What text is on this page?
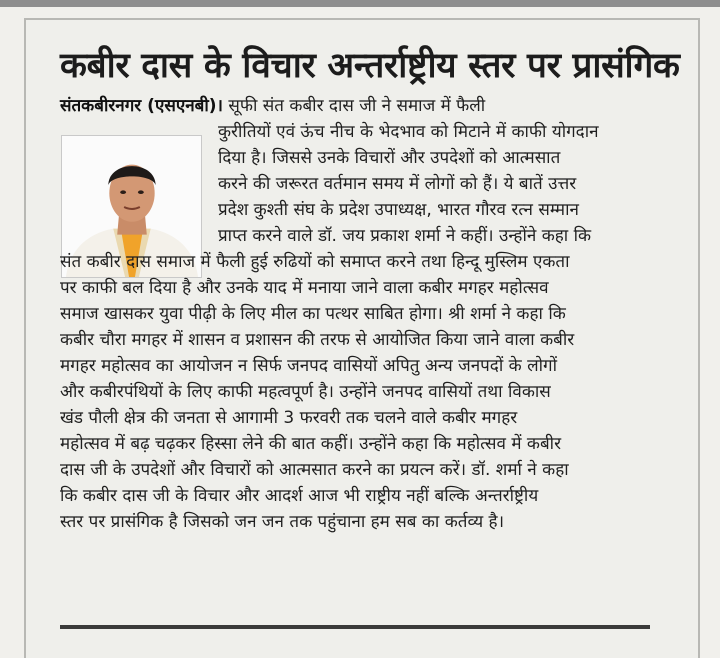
कबीर दास के विचार अन्तर्राष्ट्रीय स्तर पर प्रासंगिक
संतकबीरनगर (एसएनबी)। सूफी संत कबीर दास जी ने समाज में फैली
कुरीतियों एवं ऊंच नीच के भेदभाव को मिटाने में काफी योगदान
दिया है। जिससे उनके विचारों और उपदेशों को आत्मसात
करने की जरूरत वर्तमान समय में लोगों को हैं। ये बातें उत्तर
प्रदेश कुश्ती संघ के प्रदेश उपाध्यक्ष, भारत गौरव रत्न सम्मान
प्राप्त करने वाले डॉ. जय प्रकाश शर्मा ने कहीं। उन्होंने कहा कि
संत कबीर दास समाज में फैली हुई रुढियों को समाप्त करने तथा हिन्दू मुस्लिम एकता
पर काफी बल दिया है और उनके याद में मनाया जाने वाला कबीर मगहर महोत्सव
समाज खासकर युवा पीढ़ी के लिए मील का पत्थर साबित होगा। श्री शर्मा ने कहा कि
कबीर चौरा मगहर में शासन व प्रशासन की तरफ से आयोजित किया जाने वाला कबीर
मगहर महोत्सव का आयोजन न सिर्फ जनपद वासियों अपितु अन्य जनपदों के लोगों
और कबीरपंथियों के लिए काफी महत्वपूर्ण है। उन्होंने जनपद वासियों तथा विकास
खंड पौली क्षेत्र की जनता से आगामी 3 फरवरी तक चलने वाले कबीर मगहर
महोत्सव में बढ़ चढ़कर हिस्सा लेने की बात कहीं। उन्होंने कहा कि महोत्सव में कबीर
दास जी के उपदेशों और विचारों को आत्मसात करने का प्रयत्न करें। डॉ. शर्मा ने कहा
कि कबीर दास जी के विचार और आदर्श आज भी राष्ट्रीय नहीं बल्कि अन्तर्राष्ट्रीय
स्तर पर प्रासंगिक है जिसको जन जन तक पहुंचाना हम सब का कर्तव्य है।
